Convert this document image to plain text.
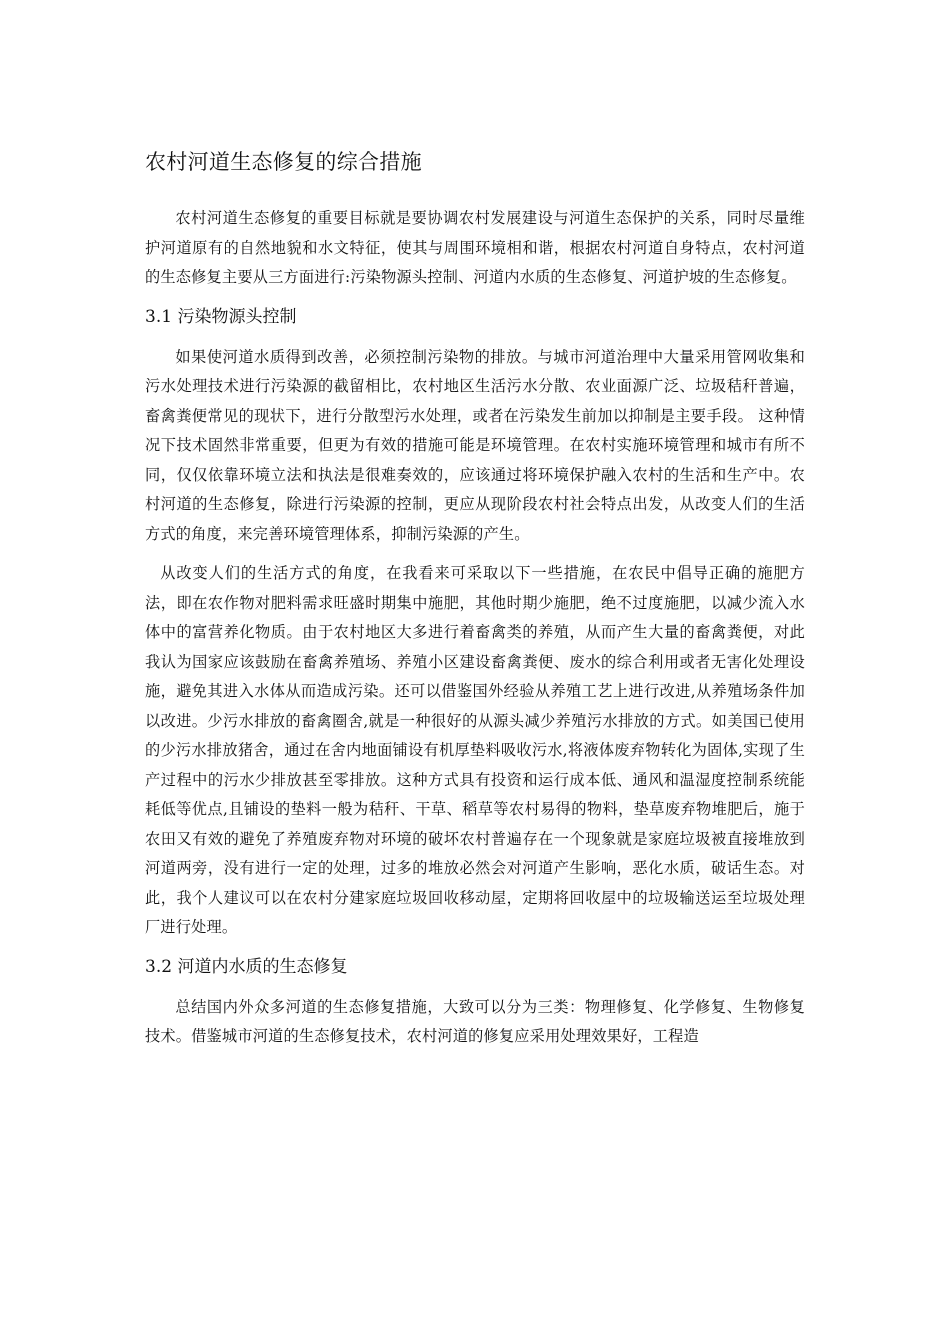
农村河道生态修复的综合措施

农村河道生态修复的重要目标就是要协调农村发展建设与河道生态保护的关系，同时尽量维护河道原有的自然地貌和水文特征，使其与周围环境相和谐，根据农村河道自身特点，农村河道的生态修复主要从三方面进行:污染物源头控制、河道内水质的生态修复、河道护坡的生态修复。

3.1 污染物源头控制

如果使河道水质得到改善，必须控制污染物的排放。与城市河道治理中大量采用管网收集和污水处理技术进行污染源的截留相比，农村地区生活污水分散、农业面源广泛、垃圾秸秆普遍，畜禽粪便常见的现状下，进行分散型污水处理，或者在污染发生前加以抑制是主要手段。 这种情况下技术固然非常重要，但更为有效的措施可能是环境管理。在农村实施环境管理和城市有所不同，仅仅依靠环境立法和执法是很难奏效的，应该通过将环境保护融入农村的生活和生产中。农村河道的生态修复，除进行污染源的控制，更应从现阶段农村社会特点出发，从改变人们的生活方式的角度，来完善环境管理体系，抑制污染源的产生。

从改变人们的生活方式的角度，在我看来可采取以下一些措施，在农民中倡导正确的施肥方法，即在农作物对肥料需求旺盛时期集中施肥，其他时期少施肥，绝不过度施肥，以减少流入水体中的富营养化物质。由于农村地区大多进行着畜禽类的养殖，从而产生大量的畜禽粪便，对此我认为国家应该鼓励在畜禽养殖场、养殖小区建设畜禽粪便、废水的综合利用或者无害化处理设施，避免其进入水体从而造成污染。还可以借鉴国外经验从养殖工艺上进行改进,从养殖场条件加以改进。少污水排放的畜禽圈舍,就是一种很好的从源头减少养殖污水排放的方式。如美国已使用的少污水排放猪舍，通过在舍内地面铺设有机厚垫料吸收污水,将液体废弃物转化为固体,实现了生产过程中的污水少排放甚至零排放。这种方式具有投资和运行成本低、通风和温湿度控制系统能耗低等优点,且铺设的垫料一般为秸秆、干草、稻草等农村易得的物料，垫草废弃物堆肥后，施于农田又有效的避免了养殖废弃物对环境的破坏农村普遍存在一个现象就是家庭垃圾被直接堆放到河道两旁，没有进行一定的处理，过多的堆放必然会对河道产生影响，恶化水质，破话生态。对此，我个人建议可以在农村分建家庭垃圾回收移动屋，定期将回收屋中的垃圾输送运至垃圾处理厂进行处理。

3.2 河道内水质的生态修复

总结国内外众多河道的生态修复措施，大致可以分为三类：物理修复、化学修复、生物修复技术。借鉴城市河道的生态修复技术，农村河道的修复应采用处理效果好，工程造
